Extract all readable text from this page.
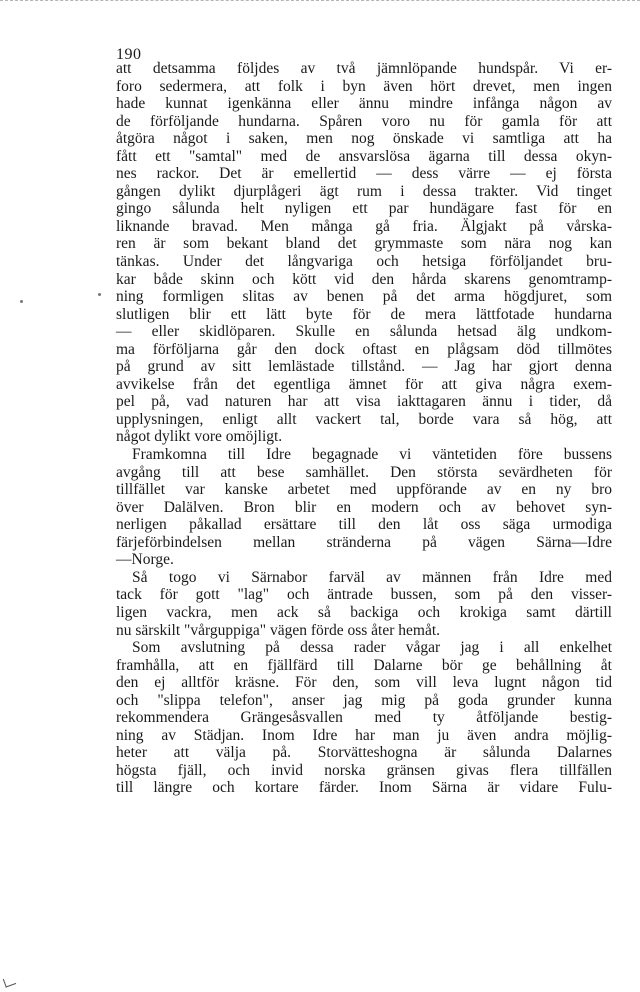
190
att detsamma följdes av två jämnlöpande hundspår. Vi er-
foro sedermera, att folk i byn även hört drevet, men ingen
hade kunnat igenkänna eller ännu mindre infånga någon av
de förföljande hundarna. Spåren voro nu för gamla för att
åtgöra något i saken, men nog önskade vi samtliga att ha
fått ett "samtal" med de ansvarslösa ägarna till dessa okyn-
nes rackor. Det är emellertid — dess värre — ej första
gången dylikt djurplågeri ägt rum i dessa trakter. Vid tinget
gingo sålunda helt nyligen ett par hundägare fast för en
liknande bravad. Men många gå fria. Älgjakt på vårska-
ren är som bekant bland det grymmaste som nära nog kan
tänkas. Under det långvariga och hetsiga förföljandet bru-
kar både skinn och kött vid den hårda skarens genomtramp-
ning formligen slitas av benen på det arma högdjuret, som
slutligen blir ett lätt byte för de mera lättfotade hundarna
— eller skidlöparen. Skulle en sålunda hetsad älg undkom-
ma förföljarna går den dock oftast en plågsam död tillmötes
på grund av sitt lemlästade tillstånd. — Jag har gjort denna
avvikelse från det egentliga ämnet för att giva några exem-
pel på, vad naturen har att visa iakttagaren ännu i tider, då
upplysningen, enligt allt vackert tal, borde vara så hög, att
något dylikt vore omöjligt.
Framkomna till Idre begagnade vi väntetiden före bussens
avgång till att bese samhället. Den största sevärdheten för
tillfället var kanske arbetet med uppförande av en ny bro
över Dalälven. Bron blir en modern och av behovet syn-
nerligen påkallad ersättare till den låt oss säga urmodiga
färjeförbindelsen mellan stränderna på vägen Särna—Idre
—Norge.
Så togo vi Särnabor farväl av männen från Idre med
tack för gott "lag" och äntrade bussen, som på den visser-
ligen vackra, men ack så backiga och krokiga samt därtill
nu särskilt "vårguppiga" vägen förde oss åter hemåt.
Som avslutning på dessa rader vågar jag i all enkelhet
framhålla, att en fjällfärd till Dalarne bör ge behållning åt
den ej alltför kräsne. För den, som vill leva lugnt någon tid
och "slippa telefon", anser jag mig på goda grunder kunna
rekommendera Grängesåsvallen med ty åtföljande bestig-
ning av Städjan. Inom Idre har man ju även andra möjlig-
heter att välja på. Storvätteshogna är sålunda Dalarnes
högsta fjäll, och invid norska gränsen givas flera tillfällen
till längre och kortare färder. Inom Särna är vidare Fulu-
